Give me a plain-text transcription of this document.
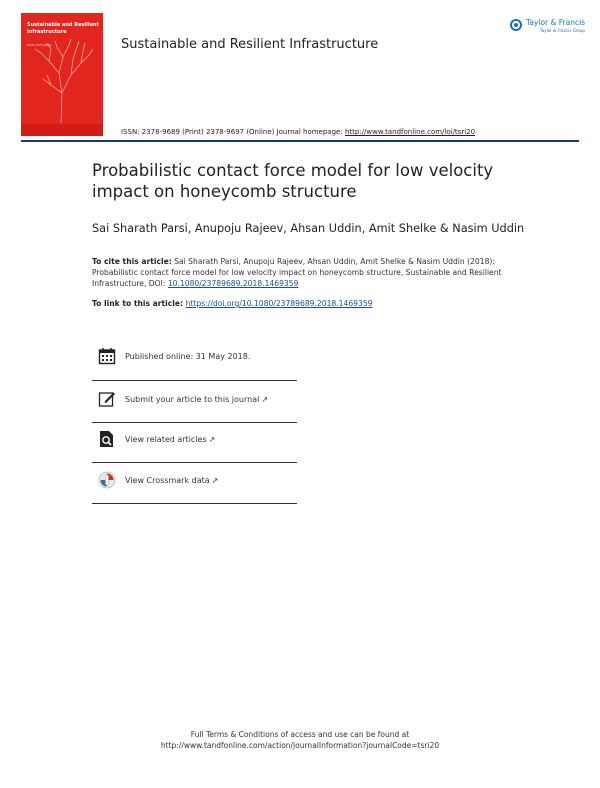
Sustainable and Resilient Infrastructure
ISSN 2378-9689	Sustainable and Resilient Infrastructure
Taylor & Francis
Taylor & Francis Group
ISSN: 2378-9689 (Print) 2378-9697 (Online) Journal homepage: http://www.tandfonline.com/loi/tsri20
Probabilistic contact force model for low velocity impact on honeycomb structure
Sai Sharath Parsi, Anupoju Rajeev, Ahsan Uddin, Amit Shelke & Nasim Uddin
To cite this article: Sai Sharath Parsi, Anupoju Rajeev, Ahsan Uddin, Amit Shelke & Nasim Uddin (2018): Probabilistic contact force model for low velocity impact on honeycomb structure, Sustainable and Resilient Infrastructure, DOI: 10.1080/23789689.2018.1469359
To link to this article: https://doi.org/10.1080/23789689.2018.1469359
Published online: 31 May 2018.
Submit your article to this journal ↗
View related articles ↗
View Crossmark data ↗
Full Terms & Conditions of access and use can be found at
http://www.tandfonline.com/action/journalInformation?journalCode=tsri20
